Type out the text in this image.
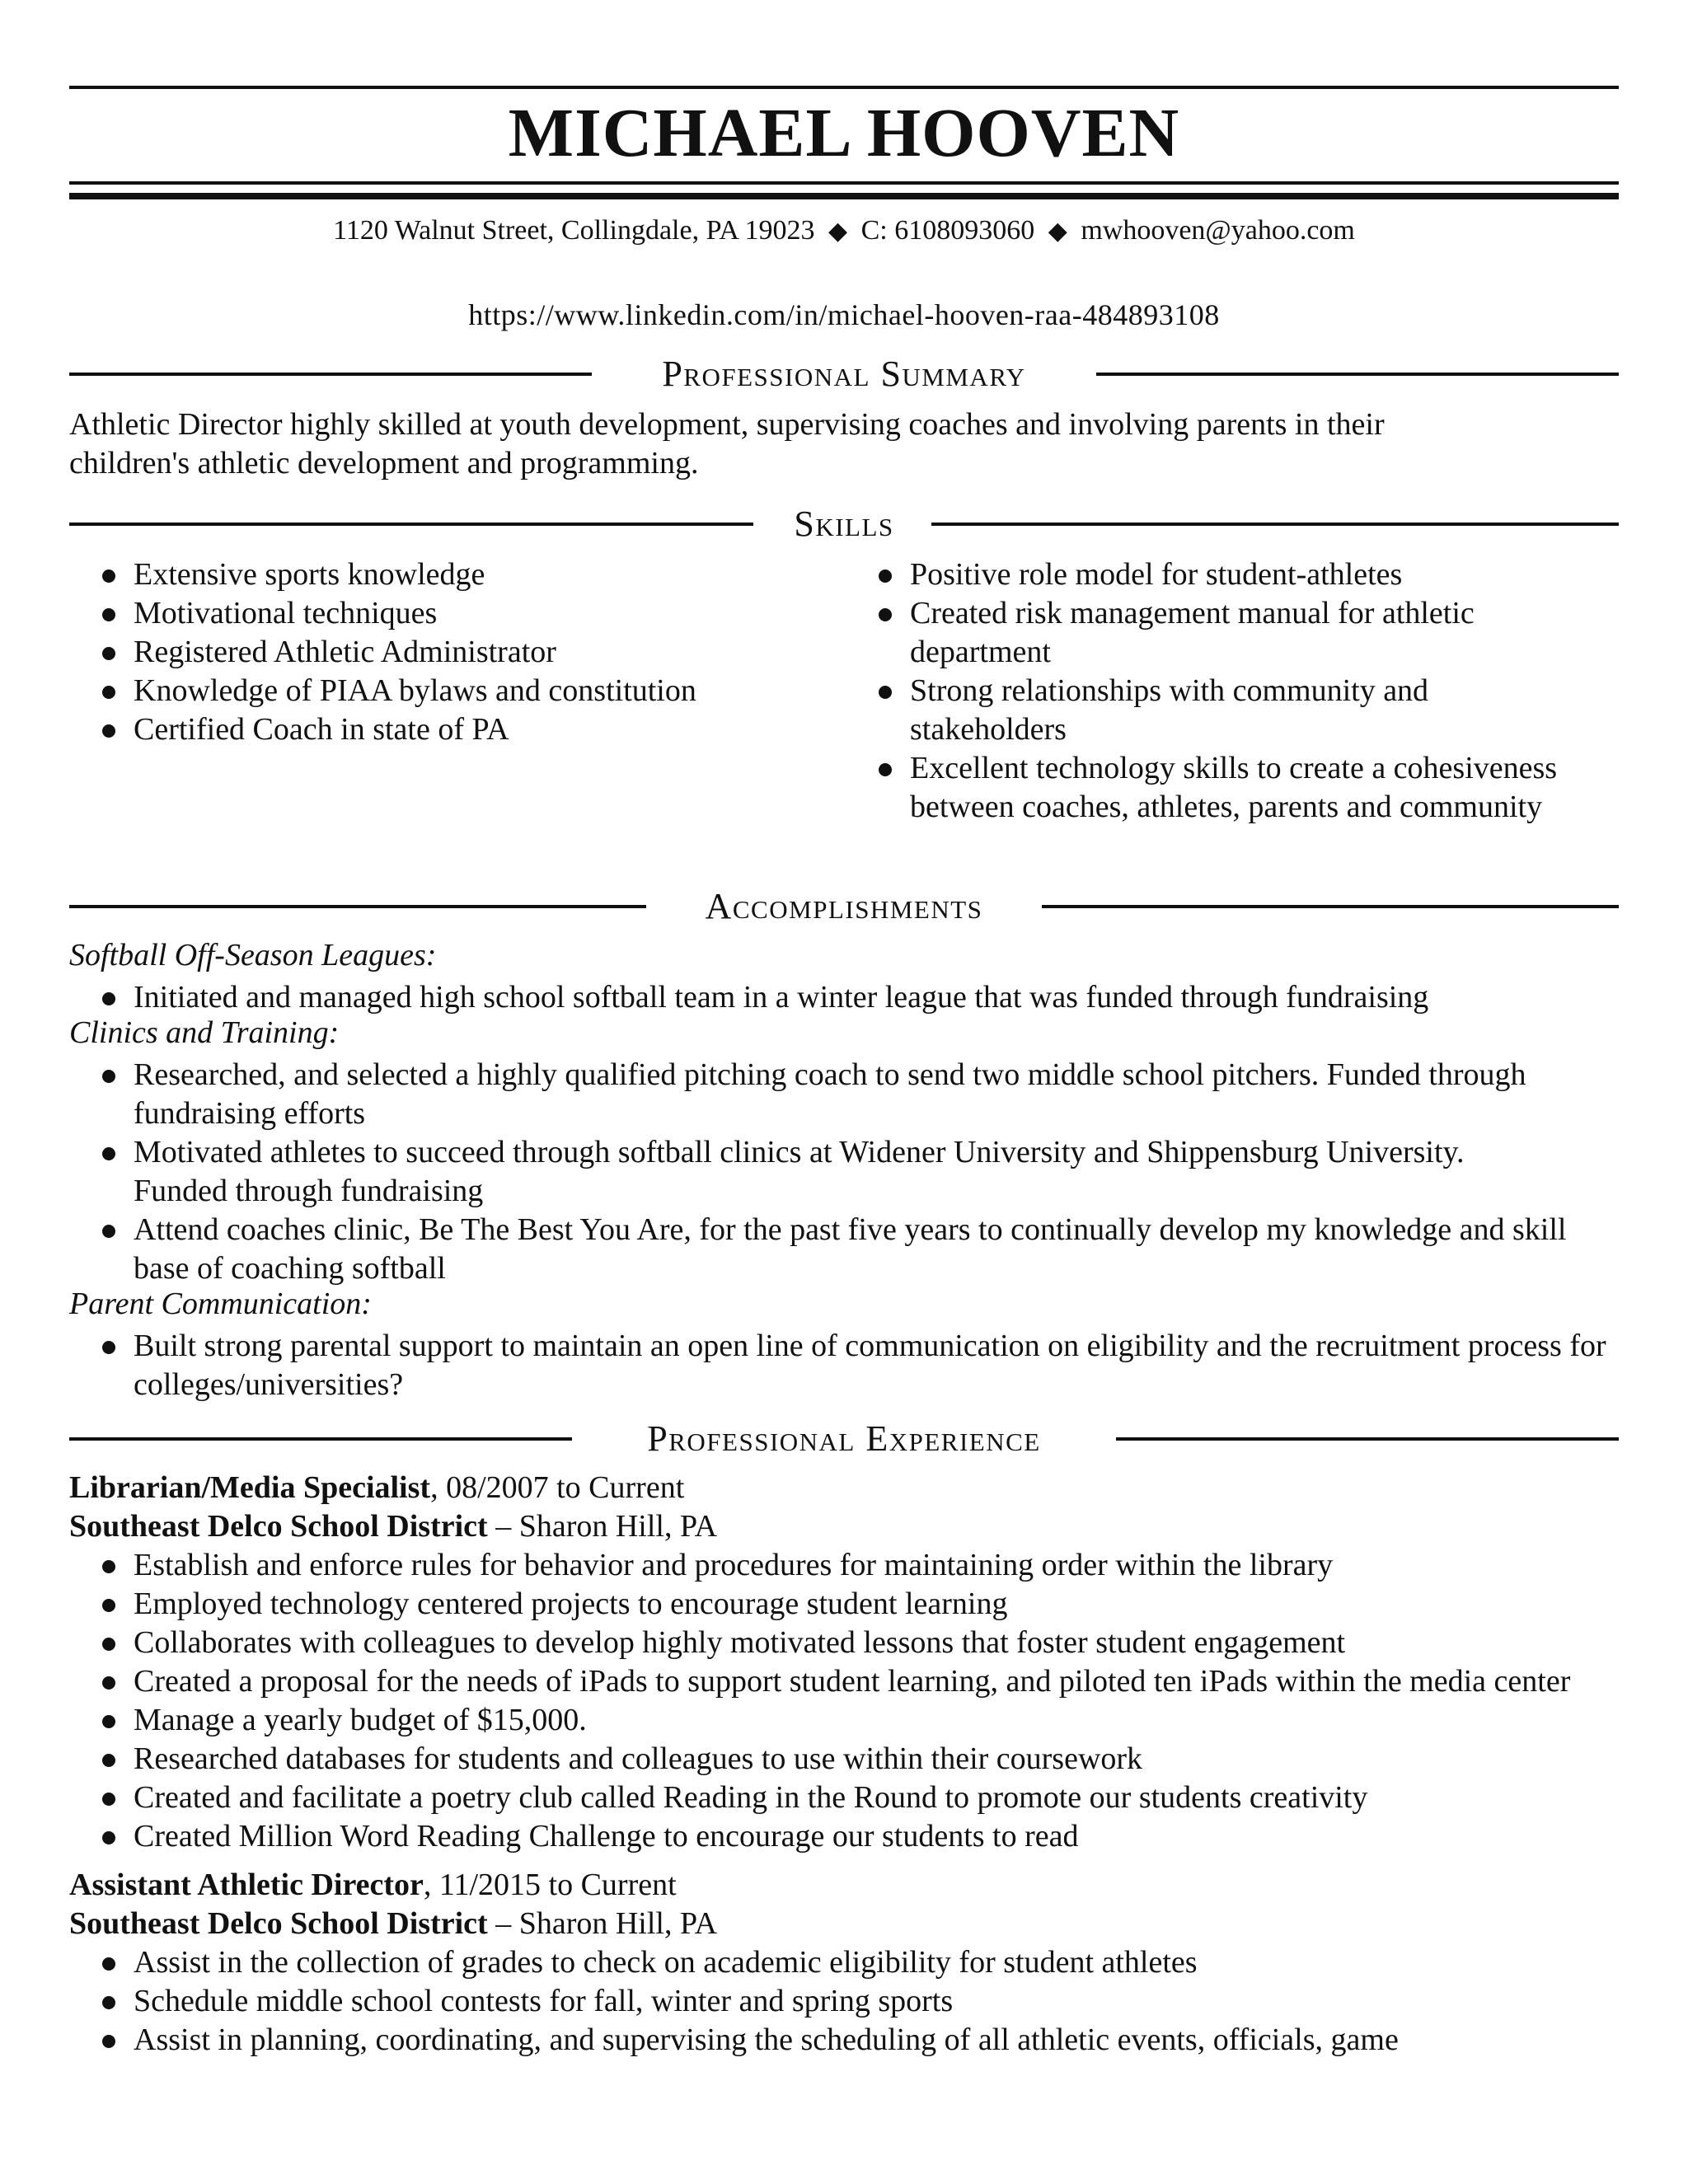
MICHAEL HOOVEN
1120 Walnut Street, Collingdale, PA 19023 ◆ C: 6108093060 ◆ mwhooven@yahoo.com
https://www.linkedin.com/in/michael-hooven-raa-484893108
Professional Summary
Athletic Director highly skilled at youth development, supervising coaches and involving parents in their
children's athletic development and programming.
Skills
Extensive sports knowledge
Motivational techniques
Registered Athletic Administrator
Knowledge of PIAA bylaws and constitution
Certified Coach in state of PA
Positive role model for student-athletes
Created risk management manual for athletic department
Strong relationships with community and stakeholders
Excellent technology skills to create a cohesiveness between coaches, athletes, parents and community
Accomplishments
Softball Off-Season Leagues:
Initiated and managed high school softball team in a winter league that was funded through fundraising
Clinics and Training:
Researched, and selected a highly qualified pitching coach to send two middle school pitchers. Funded through fundraising efforts
Motivated athletes to succeed through softball clinics at Widener University and Shippensburg University. Funded through fundraising
Attend coaches clinic, Be The Best You Are, for the past five years to continually develop my knowledge and skill base of coaching softball
Parent Communication:
Built strong parental support to maintain an open line of communication on eligibility and the recruitment process for colleges/universities?
Professional Experience
Librarian/Media Specialist, 08/2007 to Current
Southeast Delco School District – Sharon Hill, PA
Establish and enforce rules for behavior and procedures for maintaining order within the library
Employed technology centered projects to encourage student learning
Collaborates with colleagues to develop highly motivated lessons that foster student engagement
Created a proposal for the needs of iPads to support student learning, and piloted ten iPads within the media center
Manage a yearly budget of $15,000.
Researched databases for students and colleagues to use within their coursework
Created and facilitate a poetry club called Reading in the Round to promote our students creativity
Created Million Word Reading Challenge to encourage our students to read
Assistant Athletic Director, 11/2015 to Current
Southeast Delco School District – Sharon Hill, PA
Assist in the collection of grades to check on academic eligibility for student athletes
Schedule middle school contests for fall, winter and spring sports
Assist in planning, coordinating, and supervising the scheduling of all athletic events, officials, game
